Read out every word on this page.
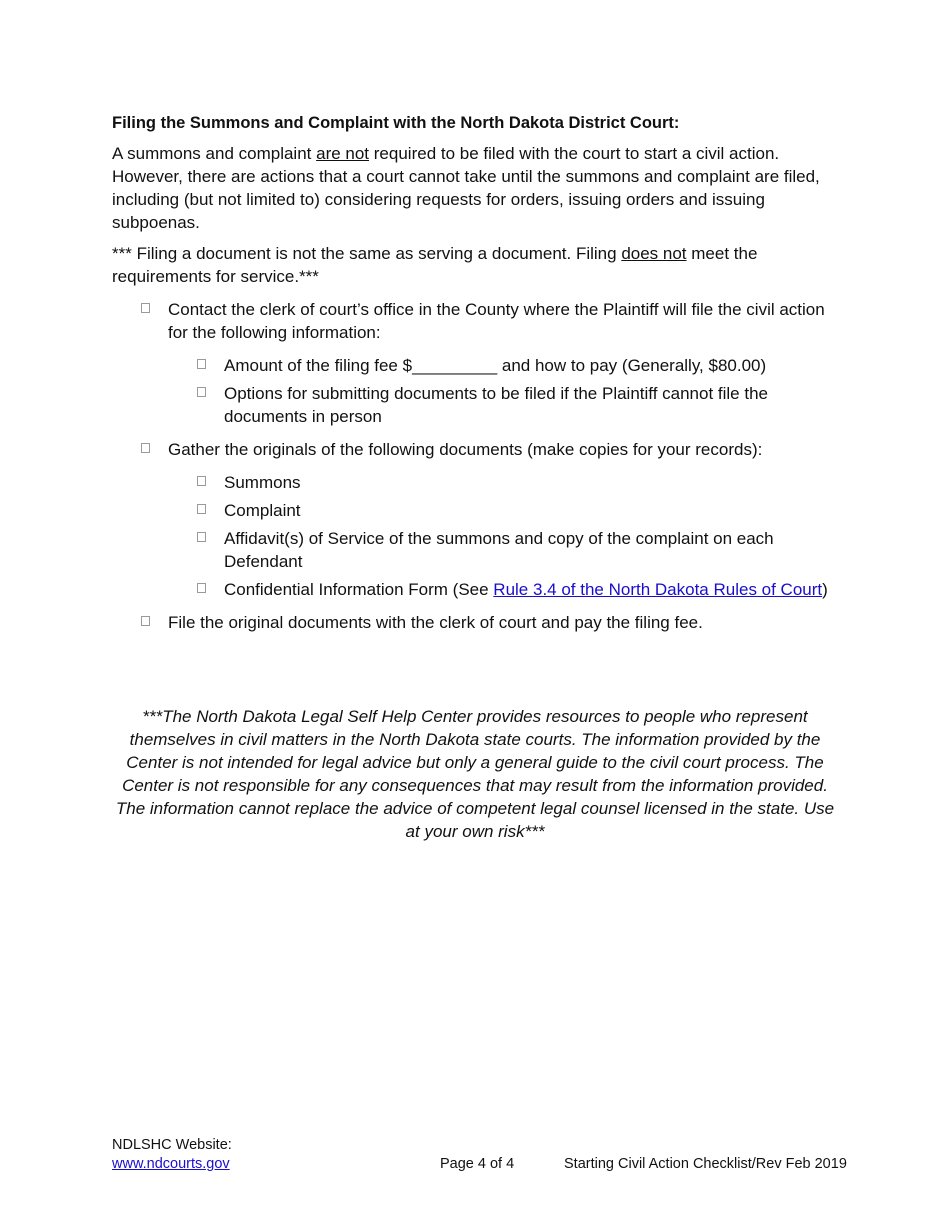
Filing the Summons and Complaint with the North Dakota District Court:

A summons and complaint are not required to be filed with the court to start a civil action. However, there are actions that a court cannot take until the summons and complaint are filed, including (but not limited to) considering requests for orders, issuing orders and issuing subpoenas.

*** Filing a document is not the same as serving a document. Filing does not meet the requirements for service.***

Contact the clerk of court’s office in the County where the Plaintiff will file the civil action for the following information:
Amount of the filing fee $_________ and how to pay (Generally, $80.00)
Options for submitting documents to be filed if the Plaintiff cannot file the documents in person
Gather the originals of the following documents (make copies for your records):
Summons
Complaint
Affidavit(s) of Service of the summons and copy of the complaint on each Defendant
Confidential Information Form (See Rule 3.4 of the North Dakota Rules of Court)
File the original documents with the clerk of court and pay the filing fee.
***The North Dakota Legal Self Help Center provides resources to people who represent themselves in civil matters in the North Dakota state courts. The information provided by the Center is not intended for legal advice but only a general guide to the civil court process. The Center is not responsible for any consequences that may result from the information provided. The information cannot replace the advice of competent legal counsel licensed in the state. Use at your own risk***
NDLSHC Website:
www.ndcourts.gov	Page 4 of 4	Starting Civil Action Checklist/Rev Feb 2019
